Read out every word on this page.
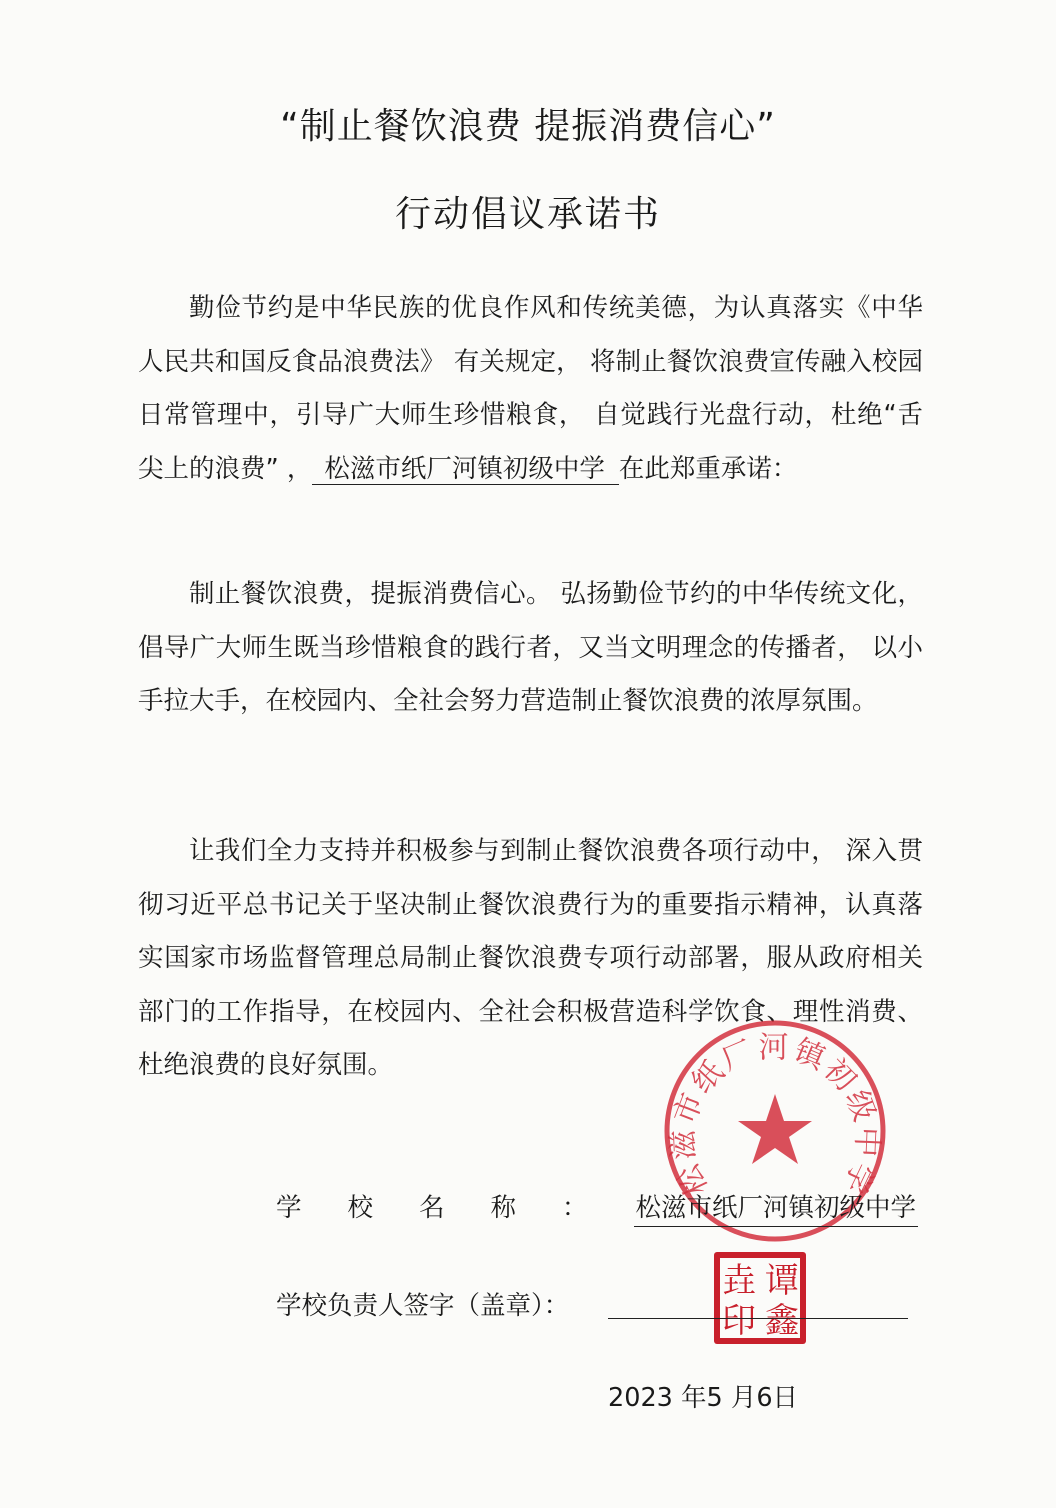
“制止餐饮浪费 提振消费信心”
行动倡议承诺书
勤俭节约是中华民族的优良作风和传统美德，为认真落实《中华人民共和国反食品浪费法》 有关规定， 将制止餐饮浪费宣传融入校园日常管理中，引导广大师生珍惜粮食， 自觉践行光盘行动，杜绝“舌尖上的浪费” ， 松滋市纸厂河镇初级中学 在此郑重承诺：
制止餐饮浪费，提振消费信心。 弘扬勤俭节约的中华传统文化，倡导广大师生既当珍惜粮食的践行者，又当文明理念的传播者， 以小手拉大手，在校园内、全社会努力营造制止餐饮浪费的浓厚氛围。
让我们全力支持并积极参与到制止餐饮浪费各项行动中， 深入贯彻习近平总书记关于坚决制止餐饮浪费行为的重要指示精神，认真落实国家市场监督管理总局制止餐饮浪费专项行动部署，服从政府相关部门的工作指导，在校园内、全社会积极营造科学饮食、理性消费、杜绝浪费的良好氛围。
松滋市纸厂河镇初级中学
谭
垚
鑫
印
学校名称：松滋市纸厂河镇初级中学
学校负责人签字（盖章）：
2023 年5 月6日
